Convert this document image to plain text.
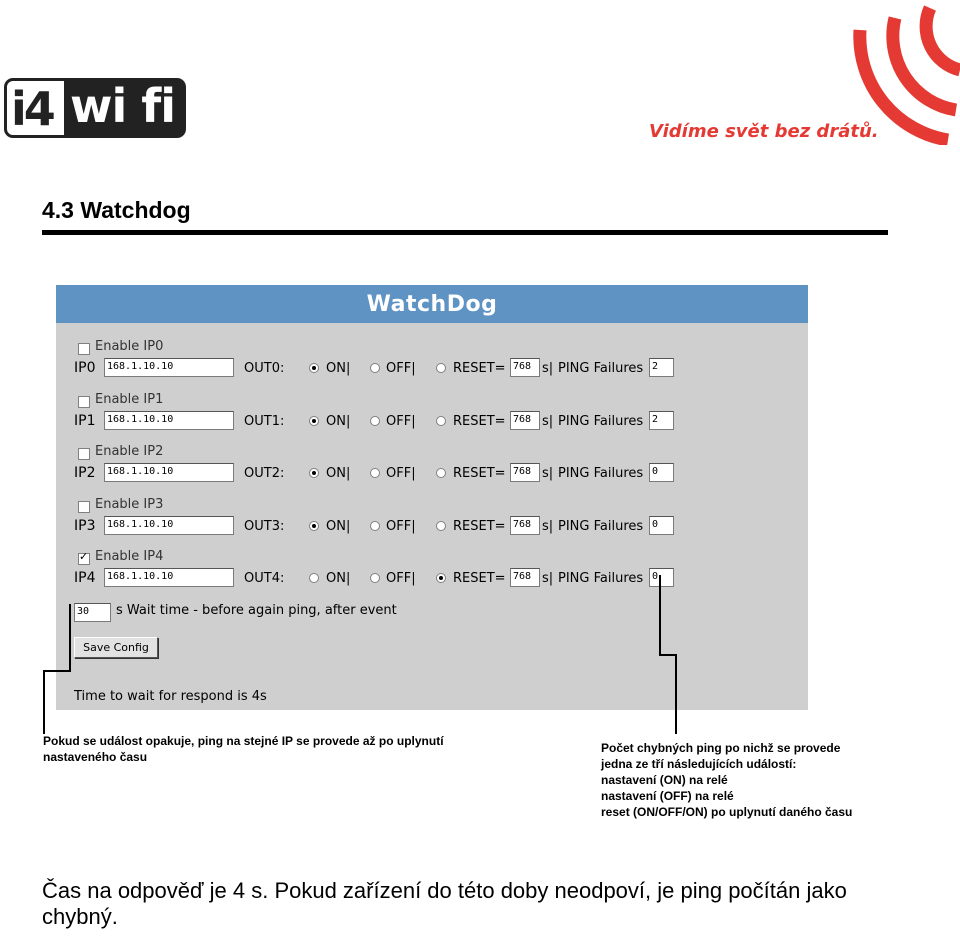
i4 wi fi	Vidíme svět bez drátů.
4.3 Watchdog
WatchDog
Enable IP0
IP0	168.1.10.10	OUT0:	ON|	OFF|	RESET= 768 s| PING Failures 2
Enable IP1
IP1	168.1.10.10	OUT1:	ON|	OFF|	RESET= 768 s| PING Failures 2
Enable IP2
IP2	168.1.10.10	OUT2:	ON|	OFF|	RESET= 768 s| PING Failures 0
Enable IP3
IP3	168.1.10.10	OUT3:	ON|	OFF|	RESET= 768 s| PING Failures 0
✓
Enable IP4
IP4	168.1.10.10	OUT4:	ON|	OFF|	RESET= 768 s| PING Failures 0
30	s Wait time - before again ping, after event
Save Config
Time to wait for respond is 4s
Pokud se událost opakuje, ping na stejné IP se provede až po uplynutí
nastaveného času
Počet chybných ping po nichž se provede
jedna ze tří následujících událostí:
nastavení (ON) na relé
nastavení (OFF) na relé
reset (ON/OFF/ON) po uplynutí daného času
Čas na odpověď je 4 s. Pokud zařízení do této doby neodpoví, je ping počítán jako chybný.
